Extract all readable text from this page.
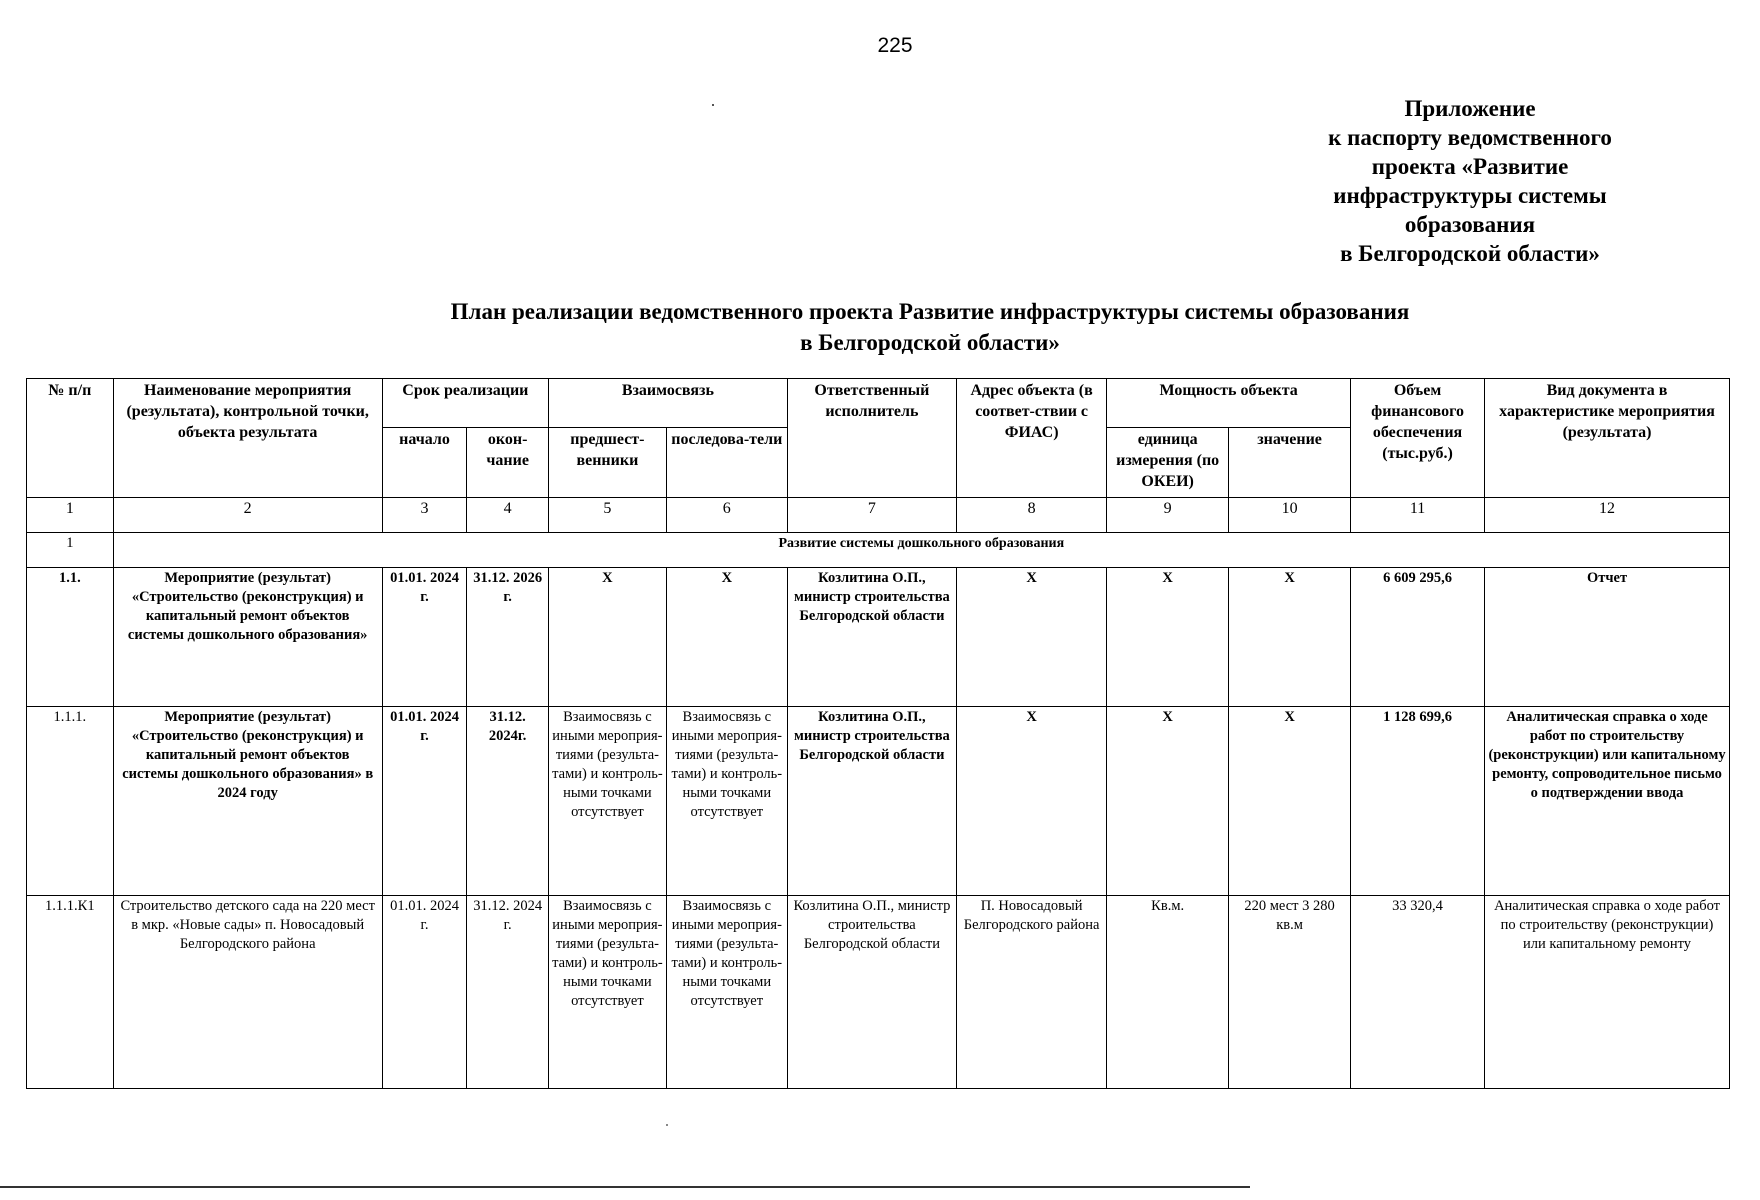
225
Приложение
к паспорту ведомственного
проекта «Развитие
инфраструктуры системы
образования
в Белгородской области»
План реализации ведомственного проекта Развитие инфраструктуры системы образования
в Белгородской области»
№ п/п	Наименование мероприятия (результата), контрольной точки, объекта результата	Срок реализации		Взаимосвязь		Ответственный исполнитель	Адрес объекта (в соответ-ствии с ФИАС)	Мощность объекта		Объем финансового обеспечения (тыс.руб.)	Вид документа в характеристике мероприятия (результата)
		начало	окон-чание	предшест-венники	последова-тели			единица измерения (по ОКЕИ)	значение		
1	2	3	4	5	6	7	8	9	10	11	12
1	Развитие системы дошкольного образования										
1.1.	Мероприятие (результат) «Строительство (реконструкция) и капитальный ремонт объектов системы дошкольного образования»	01.01. 2024 г.	31.12. 2026 г.	Х	Х	Козлитина О.П., министр строительства Белгородской области	Х	Х	Х	6 609 295,6	Отчет
1.1.1.	Мероприятие (результат) «Строительство (реконструкция) и капитальный ремонт объектов системы дошкольного образования» в 2024 году	01.01. 2024 г.	31.12. 2024г.	Взаимосвязь с иными мероприя-тиями (результа-тами) и контроль-ными точками отсутствует	Взаимосвязь с иными мероприя-тиями (результа-тами) и контроль-ными точками отсутствует	Козлитина О.П., министр строительства Белгородской области	Х	Х	Х	1 128 699,6	Аналитическая справка о ходе работ по строительству (реконструкции) или капитальному ремонту, сопроводительное письмо о подтверждении ввода
1.1.1.К1	Строительство детского сада на 220 мест в мкр. «Новые сады» п. Новосадовый Белгородского района	01.01. 2024 г.	31.12. 2024 г.	Взаимосвязь с иными мероприя-тиями (результа-тами) и контроль-ными точками отсутствует	Взаимосвязь с иными мероприя-тиями (результа-тами) и контроль-ными точками отсутствует	Козлитина О.П., министр строительства Белгородской области	П. Новосадовый Белгородского района	Кв.м.	220 мест 3 280 кв.м	33 320,4	Аналитическая справка о ходе работ по строительству (реконструкции) или капитальному ремонту
